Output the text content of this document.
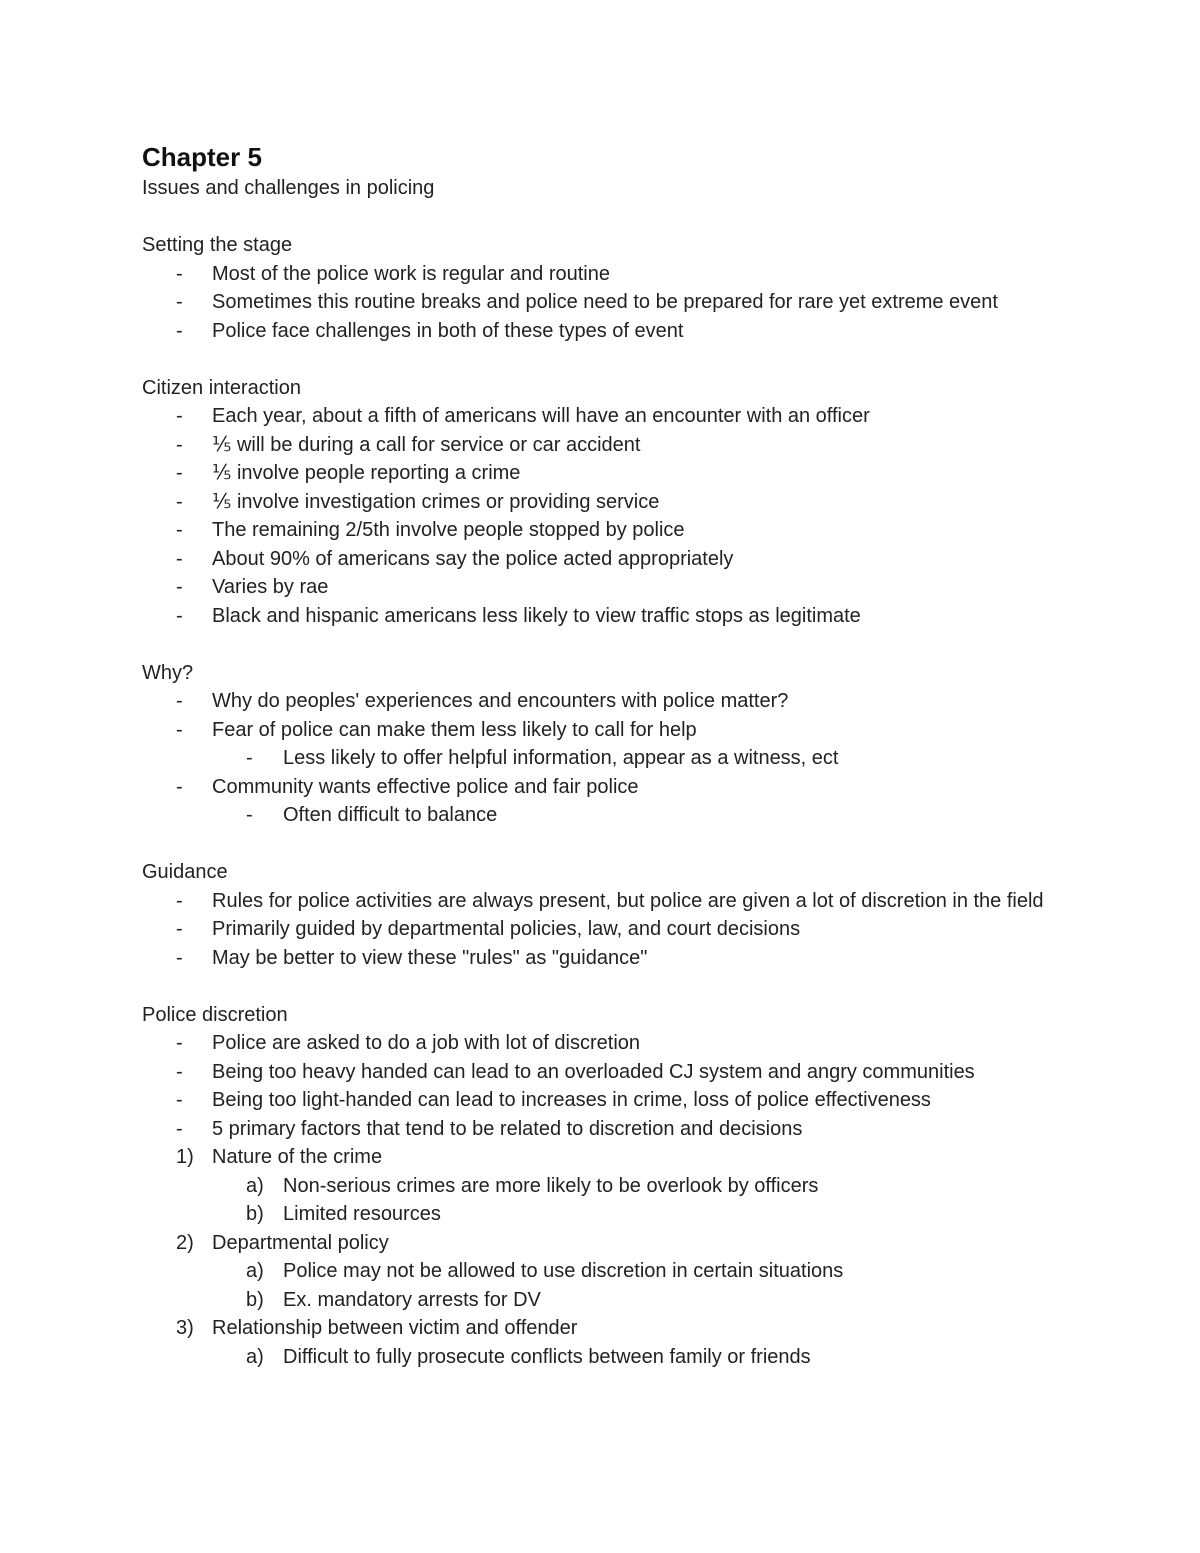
Chapter 5

Issues and challenges in policing

Setting the stage

- Most of the police work is regular and routine

- Sometimes this routine breaks and police need to be prepared for rare yet extreme event

- Police face challenges in both of these types of event

Citizen interaction

- Each year, about a fifth of americans will have an encounter with an officer

- ⅕ will be during a call for service or car accident

- ⅕ involve people reporting a crime

- ⅕ involve investigation crimes or providing service

- The remaining 2/5th involve people stopped by police

- About 90% of americans say the police acted appropriately

- Varies by rae

- Black and hispanic americans less likely to view traffic stops as legitimate

Why?

- Why do peoples' experiences and encounters with police matter?

- Fear of police can make them less likely to call for help

- Less likely to offer helpful information, appear as a witness, ect

- Community wants effective police and fair police

- Often difficult to balance

Guidance

- Rules for police activities are always present, but police are given a lot of discretion in the field

- Primarily guided by departmental policies, law, and court decisions

- May be better to view these "rules" as "guidance"

Police discretion

- Police are asked to do a job with lot of discretion

- Being too heavy handed can lead to an overloaded CJ system and angry communities

- Being too light-handed can lead to increases in crime, loss of police effectiveness

- 5 primary factors that tend to be related to discretion and decisions

1) Nature of the crime

a) Non-serious crimes are more likely to be overlook by officers

b) Limited resources

2) Departmental policy

a) Police may not be allowed to use discretion in certain situations

b) Ex. mandatory arrests for DV

3) Relationship between victim and offender

a) Difficult to fully prosecute conflicts between family or friends
